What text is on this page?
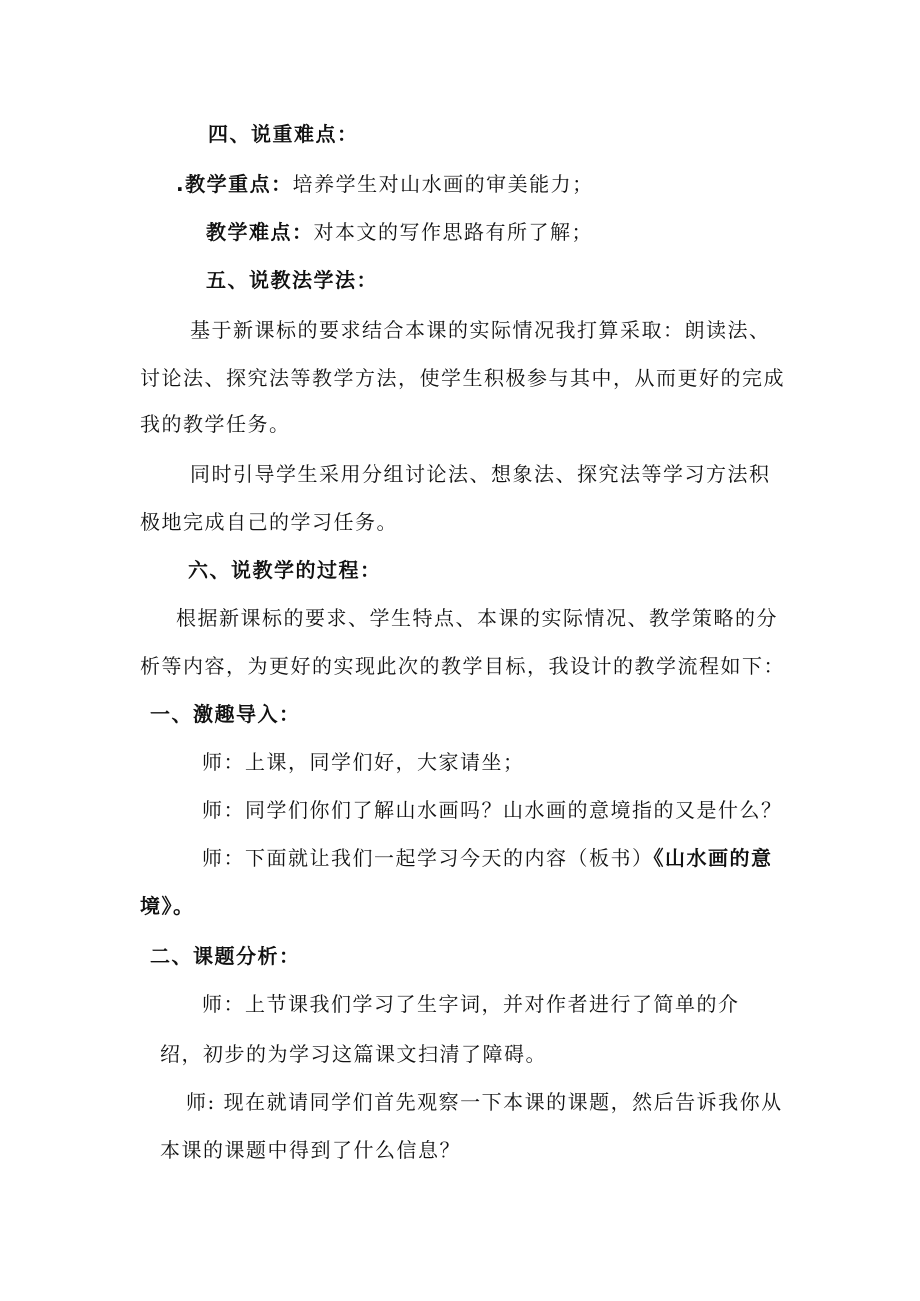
四、说重难点：
.教学重点：培养学生对山水画的审美能力；
教学难点：对本文的写作思路有所了解；
五、说教法学法：
基于新课标的要求结合本课的实际情况我打算采取：朗读法、
讨论法、探究法等教学方法，使学生积极参与其中，从而更好的完成
我的教学任务。
同时引导学生采用分组讨论法、想象法、探究法等学习方法积
极地完成自己的学习任务。
六、说教学的过程：
根据新课标的要求、学生特点、本课的实际情况、教学策略的分
析等内容，为更好的实现此次的教学目标，我设计的教学流程如下：
一、激趣导入：
师：上课，同学们好，大家请坐；
师：同学们你们了解山水画吗？山水画的意境指的又是什么？
师：下面就让我们一起学习今天的内容（板书）《山水画的意
境》。
二、课题分析：
师：上节课我们学习了生字词，并对作者进行了简单的介
绍，初步的为学习这篇课文扫清了障碍。
师: 现在就请同学们首先观察一下本课的课题，然后告诉我你从
本课的课题中得到了什么信息？
